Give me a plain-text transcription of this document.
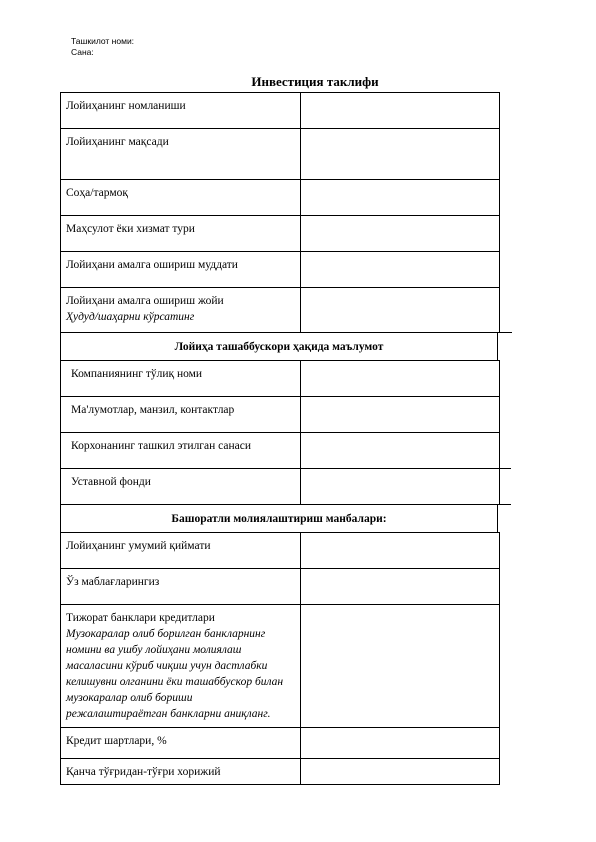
Ташкилот номи:
Сана:
Инвестиция таклифи
Лойиҳанинг номланиши
Лойиҳанинг мақсади
Соҳа/тармоқ
Маҳсулот ёки хизмат тури
Лойиҳани амалга ошириш муддати
Лойиҳани амалга ошириш жойи
Ҳудуд/шаҳарни кўрсатинг
Лойиҳа ташаббускори ҳақида маълумот
Компаниянинг тўлиқ номи
Ма'лумотлар, манзил, контактлар
Корхонанинг ташкил этилган санаси
Уставной фонди
Башоратли молиялаштириш манбалари:
Лойиҳанинг умумий қиймати
Ўз маблағларингиз
Тижорат банклари кредитлари
Музокаралар олиб борилган банкларнинг номини ва ушбу лойиҳани молиялаш масаласини кўриб чиқиш учун дастлабки келишувни олганини ёки ташаббускор билан музокаралар олиб бориши режалаштираётган банкларни аниқланг.
Кредит шартлари, %
Қанча тўғридан-тўғри хорижий
